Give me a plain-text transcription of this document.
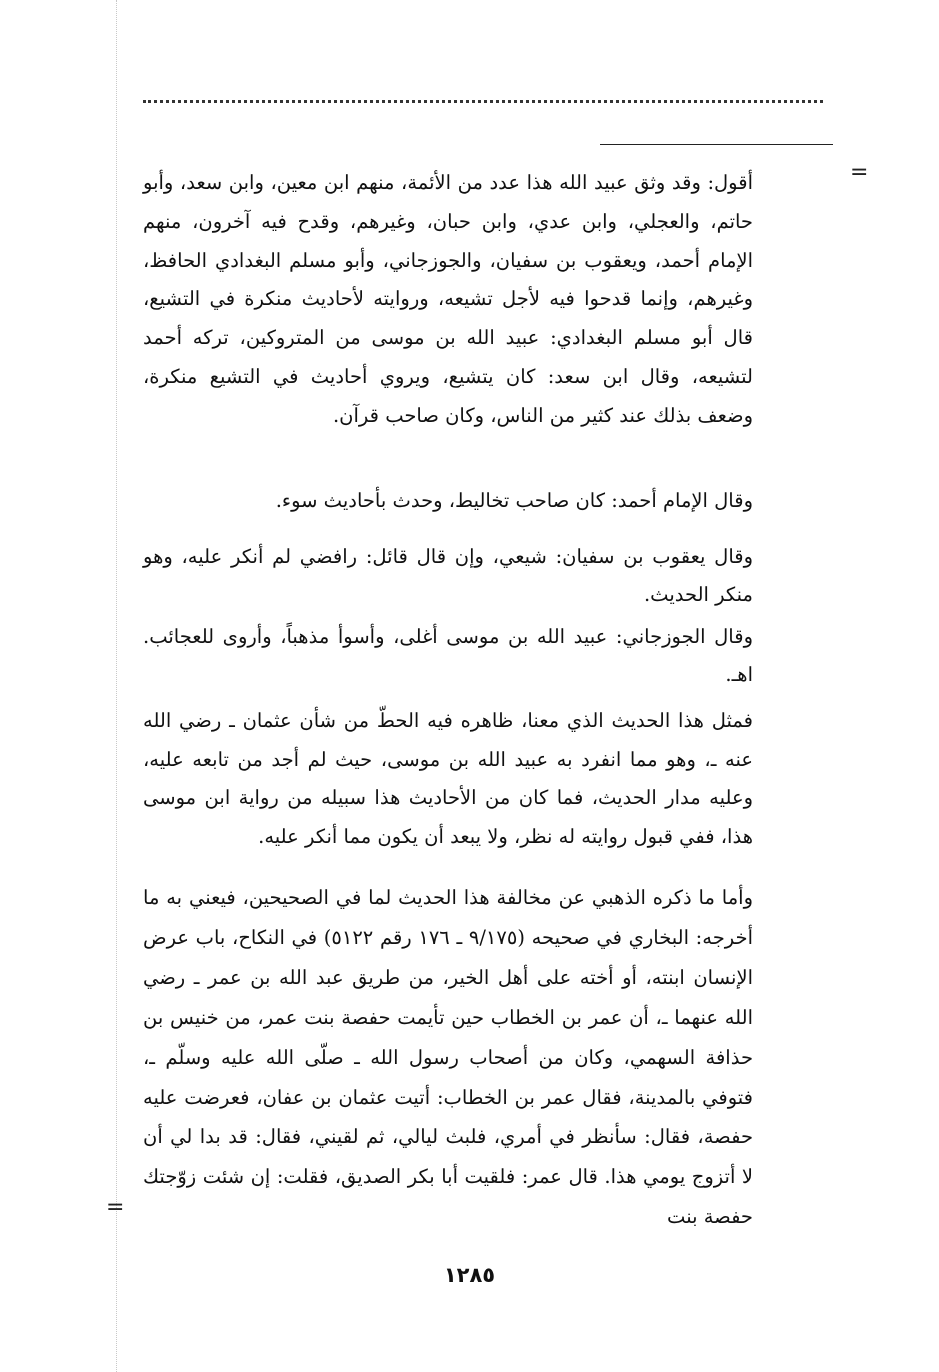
=

أقول: وقد وثق عبيد الله هذا عدد من الأئمة، منهم ابن معين، وابن سعد، وأبو حاتم، والعجلي، وابن عدي، وابن حبان، وغيرهم، وقدح فيه آخرون، منهم الإمام أحمد، ويعقوب بن سفيان، والجوزجاني، وأبو مسلم البغدادي الحافظ، وغيرهم، وإنما قدحوا فيه لأجل تشيعه، وروايته لأحاديث منكرة في التشيع، قال أبو مسلم البغدادي: عبيد الله بن موسى من المتروكين، تركه أحمد لتشيعه، وقال ابن سعد: كان يتشيع، ويروي أحاديث في التشيع منكرة، وضعف بذلك عند كثير من الناس، وكان صاحب قرآن.

وقال الإمام أحمد: كان صاحب تخاليط، وحدث بأحاديث سوء.

وقال يعقوب بن سفيان: شيعي، وإن قال قائل: رافضي لم أنكر عليه، وهو منكر الحديث.

وقال الجوزجاني: عبيد الله بن موسى أغلى، وأسوأ مذهباً، وأروى للعجائب. اهـ.

فمثل هذا الحديث الذي معنا، ظاهره فيه الحطّ من شأن عثمان ـ رضي الله عنه ـ، وهو مما انفرد به عبيد الله بن موسى، حيث لم أجد من تابعه عليه، وعليه مدار الحديث، فما كان من الأحاديث هذا سبيله من رواية ابن موسى هذا، ففي قبول روايته له نظر، ولا يبعد أن يكون مما أنكر عليه.

وأما ما ذكره الذهبي عن مخالفة هذا الحديث لما في الصحيحين، فيعني به ما أخرجه: البخاري في صحيحه (٩/١٧٥ ـ ١٧٦ رقم ٥١٢٢) في النكاح، باب عرض الإنسان ابنته، أو أخته على أهل الخير، من طريق عبد الله بن عمر ـ رضي الله عنهما ـ، أن عمر بن الخطاب حين تأيمت حفصة بنت عمر، من خنيس بن حذافة السهمي، وكان من أصحاب رسول الله ـ صلّى الله عليه وسلّم ـ، فتوفي بالمدينة، فقال عمر بن الخطاب: أتيت عثمان بن عفان، فعرضت عليه حفصة، فقال: سأنظر في أمري، فلبث ليالي، ثم لقيني، فقال: قد بدا لي أن لا أتزوج يومي هذا. قال عمر: فلقيت أبا بكر الصديق، فقلت: إن شئت زوّجتك حفصة بنت

=
١٢٨٥
